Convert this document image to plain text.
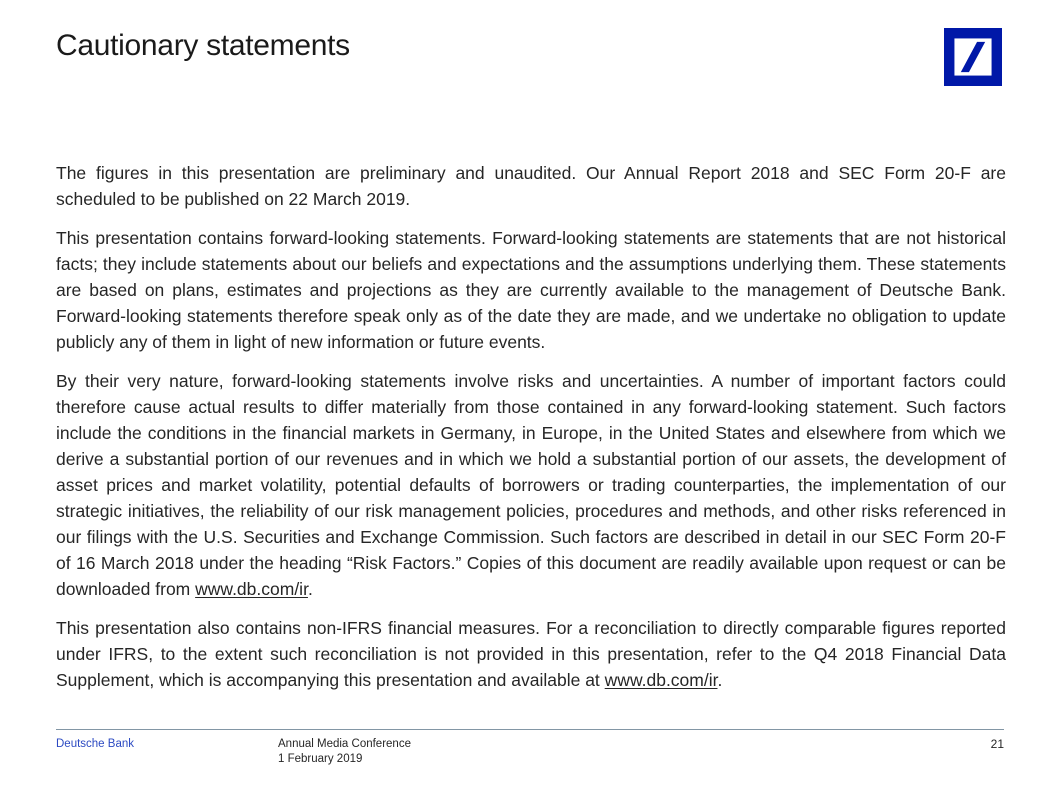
Cautionary statements

The figures in this presentation are preliminary and unaudited. Our Annual Report 2018 and SEC Form 20-F are scheduled to be published on 22 March 2019.

This presentation contains forward-looking statements. Forward-looking statements are statements that are not historical facts; they include statements about our beliefs and expectations and the assumptions underlying them. These statements are based on plans, estimates and projections as they are currently available to the management of Deutsche Bank. Forward-looking statements therefore speak only as of the date they are made, and we undertake no obligation to update publicly any of them in light of new information or future events.

By their very nature, forward-looking statements involve risks and uncertainties. A number of important factors could therefore cause actual results to differ materially from those contained in any forward-looking statement. Such factors include the conditions in the financial markets in Germany, in Europe, in the United States and elsewhere from which we derive a substantial portion of our revenues and in which we hold a substantial portion of our assets, the development of asset prices and market volatility, potential defaults of borrowers or trading counterparties, the implementation of our strategic initiatives, the reliability of our risk management policies, procedures and methods, and other risks referenced in our filings with the U.S. Securities and Exchange Commission. Such factors are described in detail in our SEC Form 20-F of 16 March 2018 under the heading “Risk Factors.” Copies of this document are readily available upon request or can be downloaded from www.db.com/ir.

This presentation also contains non-IFRS financial measures. For a reconciliation to directly comparable figures reported under IFRS, to the extent such reconciliation is not provided in this presentation, refer to the Q4 2018 Financial Data Supplement, which is accompanying this presentation and available at www.db.com/ir.

Deutsche Bank	Annual Media Conference
1 February 2019
21
